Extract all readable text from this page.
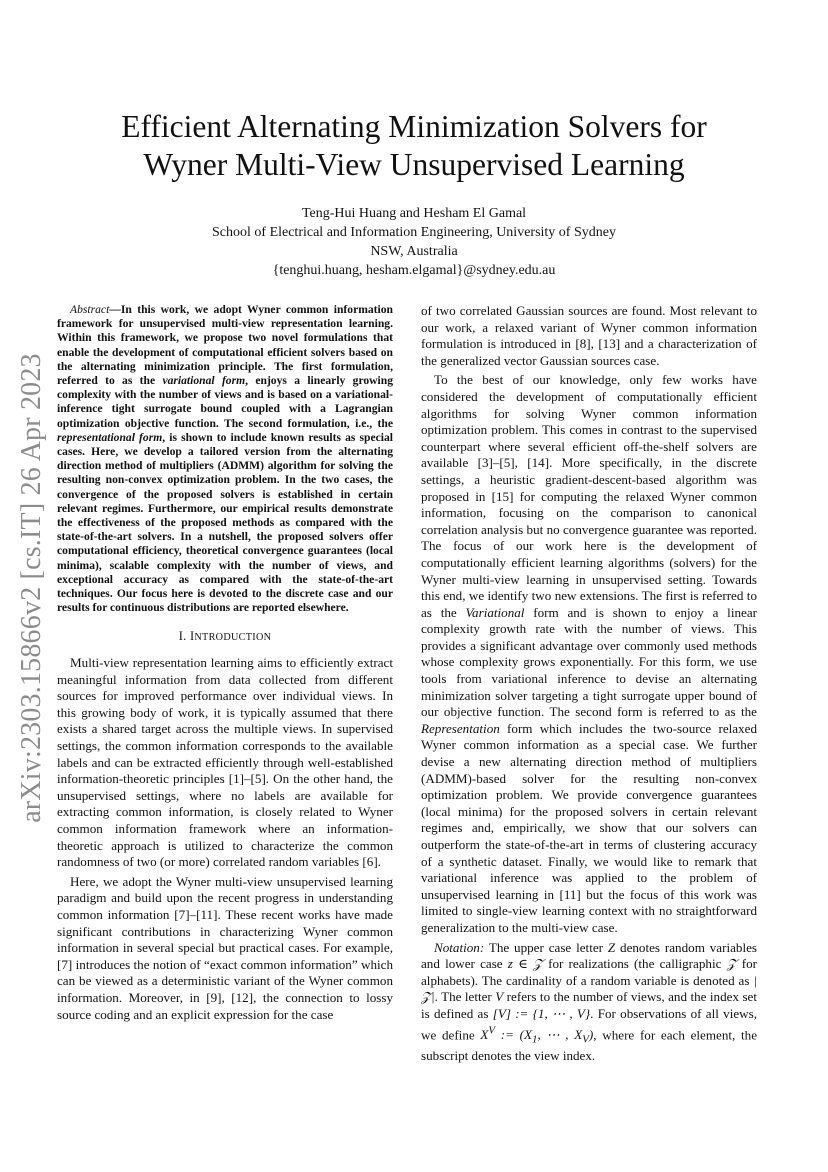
arXiv:2303.15866v2 [cs.IT] 26 Apr 2023
Efficient Alternating Minimization Solvers for
Wyner Multi-View Unsupervised Learning
Teng-Hui Huang and Hesham El Gamal
School of Electrical and Information Engineering, University of Sydney
NSW, Australia
{tenghui.huang, hesham.elgamal}@sydney.edu.au

Abstract—In this work, we adopt Wyner common information framework for unsupervised multi-view representation learning. Within this framework, we propose two novel formulations that enable the development of computational efficient solvers based on the alternating minimization principle. The first formulation, referred to as the variational form, enjoys a linearly growing complexity with the number of views and is based on a variational-inference tight surrogate bound coupled with a Lagrangian optimization objective function. The second formulation, i.e., the representational form, is shown to include known results as special cases. Here, we develop a tailored version from the alternating direction method of multipliers (ADMM) algorithm for solving the resulting non-convex optimization problem. In the two cases, the convergence of the proposed solvers is established in certain relevant regimes. Furthermore, our empirical results demonstrate the effectiveness of the proposed methods as compared with the state-of-the-art solvers. In a nutshell, the proposed solvers offer computational efficiency, theoretical convergence guarantees (local minima), scalable complexity with the number of views, and exceptional accuracy as compared with the state-of-the-art techniques. Our focus here is devoted to the discrete case and our results for continuous distributions are reported elsewhere.

I. INTRODUCTION

Multi-view representation learning aims to efficiently extract meaningful information from data collected from different sources for improved performance over individual views. In this growing body of work, it is typically assumed that there exists a shared target across the multiple views. In supervised settings, the common information corresponds to the available labels and can be extracted efficiently through well-established information-theoretic principles [1]–[5]. On the other hand, the unsupervised settings, where no labels are available for extracting common information, is closely related to Wyner common information framework where an information-theoretic approach is utilized to characterize the common randomness of two (or more) correlated random variables [6].

Here, we adopt the Wyner multi-view unsupervised learning paradigm and build upon the recent progress in understanding common information [7]–[11]. These recent works have made significant contributions in characterizing Wyner common information in several special but practical cases. For example, [7] introduces the notion of “exact common information” which can be viewed as a deterministic variant of the Wyner common information. Moreover, in [9], [12], the connection to lossy source coding and an explicit expression for the case

of two correlated Gaussian sources are found. Most relevant to our work, a relaxed variant of Wyner common information formulation is introduced in [8], [13] and a characterization of the generalized vector Gaussian sources case.

To the best of our knowledge, only few works have considered the development of computationally efficient algorithms for solving Wyner common information optimization problem. This comes in contrast to the supervised counterpart where several efficient off-the-shelf solvers are available [3]–[5], [14]. More specifically, in the discrete settings, a heuristic gradient-descent-based algorithm was proposed in [15] for computing the relaxed Wyner common information, focusing on the comparison to canonical correlation analysis but no convergence guarantee was reported. The focus of our work here is the development of computationally efficient learning algorithms (solvers) for the Wyner multi-view learning in unsupervised setting. Towards this end, we identify two new extensions. The first is referred to as the Variational form and is shown to enjoy a linear complexity growth rate with the number of views. This provides a significant advantage over commonly used methods whose complexity grows exponentially. For this form, we use tools from variational inference to devise an alternating minimization solver targeting a tight surrogate upper bound of our objective function. The second form is referred to as the Representation form which includes the two-source relaxed Wyner common information as a special case. We further devise a new alternating direction method of multipliers (ADMM)-based solver for the resulting non-convex optimization problem. We provide convergence guarantees (local minima) for the proposed solvers in certain relevant regimes and, empirically, we show that our solvers can outperform the state-of-the-art in terms of clustering accuracy of a synthetic dataset. Finally, we would like to remark that variational inference was applied to the problem of unsupervised learning in [11] but the focus of this work was limited to single-view learning context with no straightforward generalization to the multi-view case.

Notation: The upper case letter Z denotes random variables and lower case z ∈ 𝒵 for realizations (the calligraphic 𝒵 for alphabets). The cardinality of a random variable is denoted as |𝒵|. The letter V refers to the number of views, and the index set is defined as [V] := {1, ⋯ , V}. For observations of all views, we define $X^V$ := ($X_1$, ⋯ , $X_V$), where for each element, the subscript denotes the view index.
